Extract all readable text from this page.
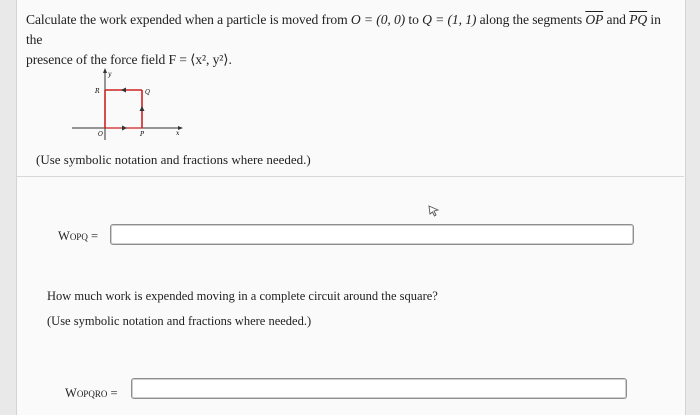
Calculate the work expended when a particle is moved from O = (0, 0) to Q = (1, 1) along the segments $\overline{OP}$ and $\overline{PQ}$ in the
presence of the force field F = ⟨x², y²⟩.
y
x
R	Q
O	P
(Use symbolic notation and fractions where needed.)
WOPQ =
How much work is expended moving in a complete circuit around the square?
(Use symbolic notation and fractions where needed.)
WOPQRO =
